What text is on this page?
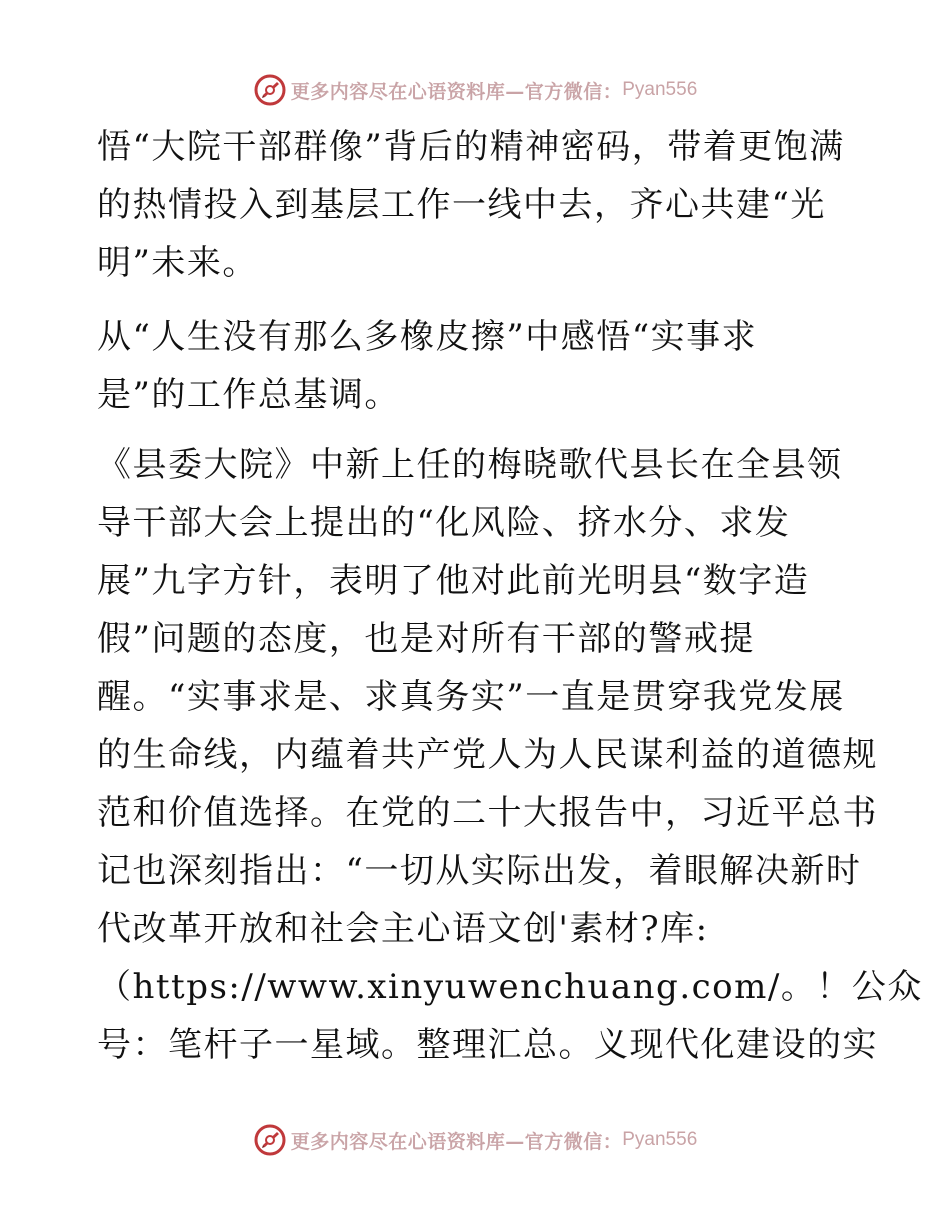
更多内容尽在心语资料库—官方微信： Pyan556
悟“大院干部群像”背后的精神密码，带着更饱满
的热情投入到基层工作一线中去，齐心共建“光
明”未来。
从“人生没有那么多橡皮擦”中感悟“实事求
是”的工作总基调。
《县委大院》中新上任的梅晓歌代县长在全县领
导干部大会上提出的“化风险、挤水分、求发
展”九字方针，表明了他对此前光明县“数字造
假”问题的态度，也是对所有干部的警戒提
醒。“实事求是、求真务实”一直是贯穿我党发展
的生命线，内蕴着共产党人为人民谋利益的道德规
范和价值选择。在党的二十大报告中，习近平总书
记也深刻指出：“一切从实际出发，着眼解决新时
代改革开放和社会主心语文创'素材?库:
（https://www.xinyuwenchuang.com/。！公众
号：笔杆子一星域。整理汇总。义现代化建设的实
更多内容尽在心语资料库—官方微信： Pyan556
